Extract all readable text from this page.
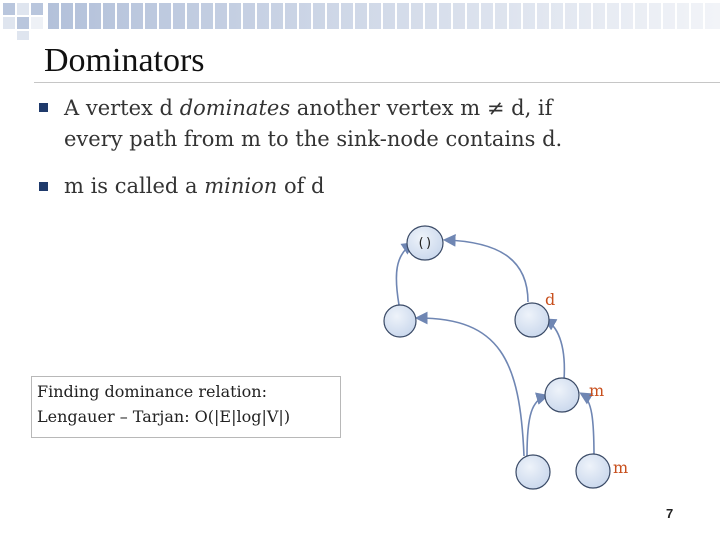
Dominators
A vertex d dominates another vertex m ≠ d, if
every path from m to the sink-node contains d.
m is called a minion of d
()
d
m
m
Finding dominance relation:
Lengauer – Tarjan: O(|E|log|V|)
7
